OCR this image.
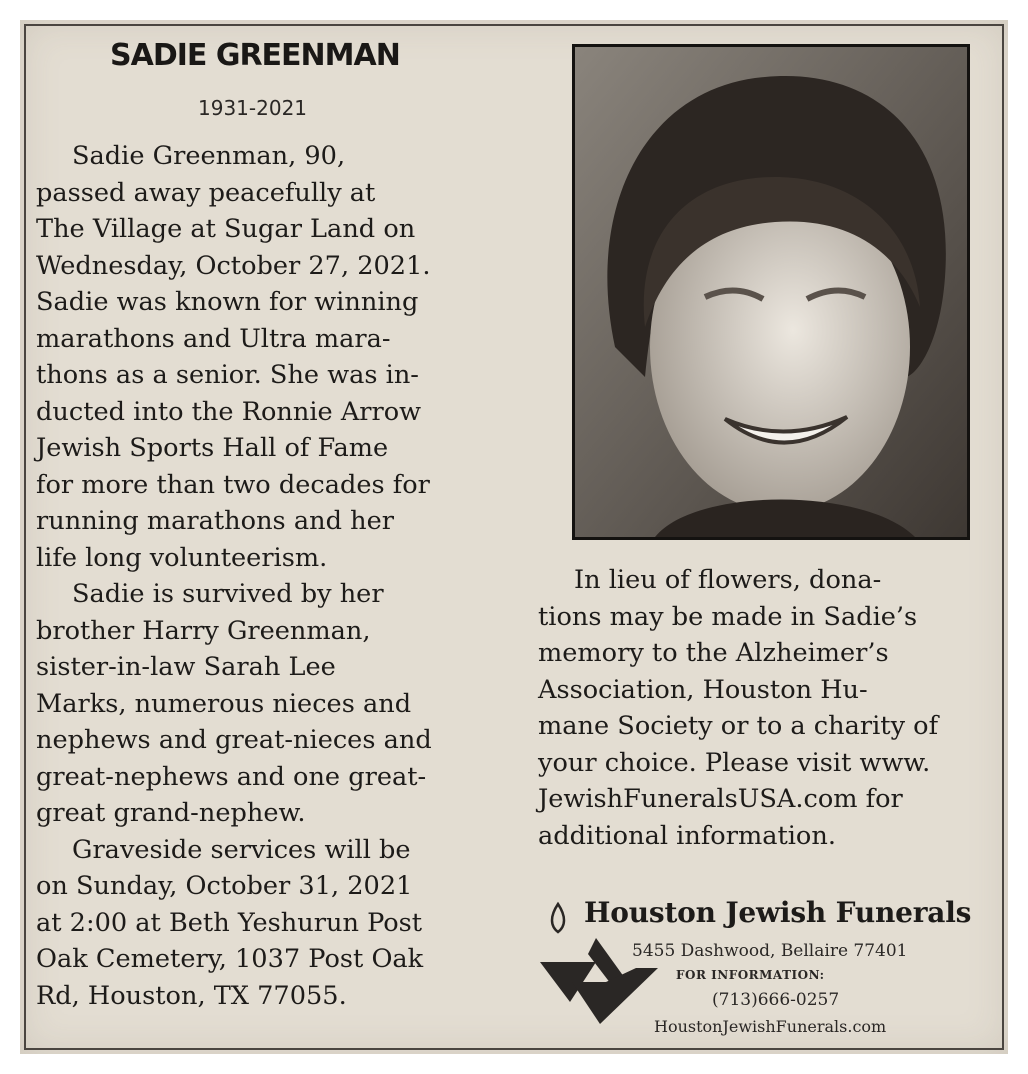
SADIE GREENMAN
1931-2021
Sadie Greenman, 90,
passed away peacefully at
The Village at Sugar Land on
Wednesday, October 27, 2021.
Sadie was known for winning
marathons and Ultra mara-
thons as a senior. She was in-
ducted into the Ronnie Arrow
Jewish Sports Hall of Fame
for more than two decades for
running marathons and her
life long volunteerism.
Sadie is survived by her
brother Harry Greenman,
sister-in-law Sarah Lee
Marks, numerous nieces and
nephews and great-nieces and
great-nephews and one great-
great grand-nephew.
Graveside services will be
on Sunday, October 31, 2021
at 2:00 at Beth Yeshurun Post
Oak Cemetery, 1037 Post Oak
Rd, Houston, TX 77055.
In lieu of flowers, dona-
tions may be made in Sadie’s
memory to the Alzheimer’s
Association, Houston Hu-
mane Society or to a charity of
your choice. Please visit www.
JewishFuneralsUSA.com for
additional information.
Houston Jewish Funerals
5455 Dashwood, Bellaire 77401
FOR INFORMATION:
(713)666-0257
HoustonJewishFunerals.com
